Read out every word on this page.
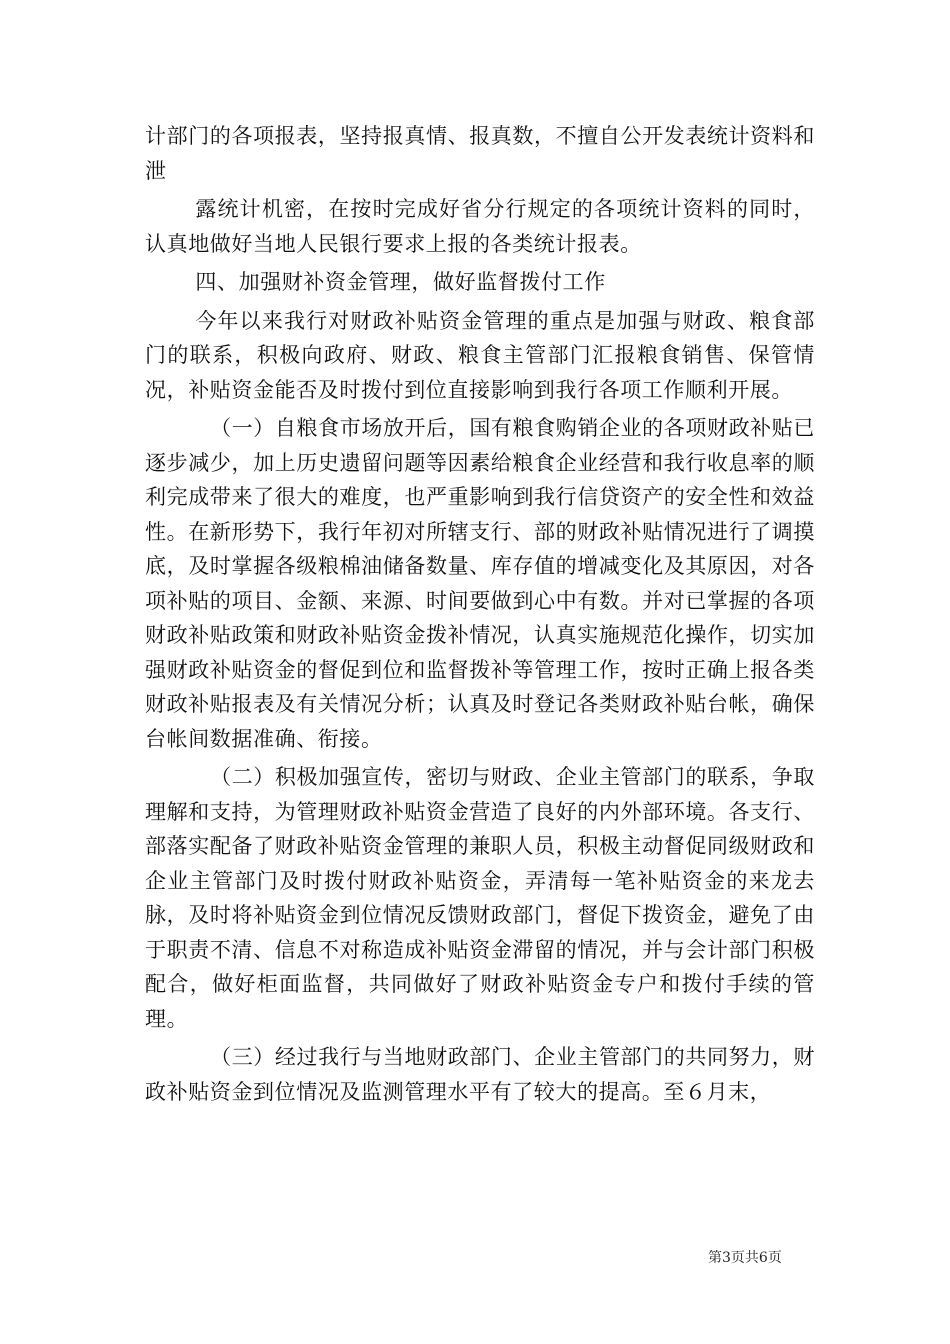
计部门的各项报表，坚持报真情、报真数，不擅自公开发表统计资料和泄

露统计机密，在按时完成好省分行规定的各项统计资料的同时，认真地做好当地人民银行要求上报的各类统计报表。

四、加强财补资金管理，做好监督拨付工作

今年以来我行对财政补贴资金管理的重点是加强与财政、粮食部门的联系，积极向政府、财政、粮食主管部门汇报粮食销售、保管情况，补贴资金能否及时拨付到位直接影响到我行各项工作顺利开展。

（一）自粮食市场放开后，国有粮食购销企业的各项财政补贴已逐步减少，加上历史遗留问题等因素给粮食企业经营和我行收息率的顺利完成带来了很大的难度，也严重影响到我行信贷资产的安全性和效益性。在新形势下，我行年初对所辖支行、部的财政补贴情况进行了调摸底，及时掌握各级粮棉油储备数量、库存值的增减变化及其原因，对各项补贴的项目、金额、来源、时间要做到心中有数。并对已掌握的各项财政补贴政策和财政补贴资金拨补情况，认真实施规范化操作，切实加强财政补贴资金的督促到位和监督拨补等管理工作，按时正确上报各类财政补贴报表及有关情况分析；认真及时登记各类财政补贴台帐，确保台帐间数据准确、衔接。

（二）积极加强宣传，密切与财政、企业主管部门的联系，争取理解和支持，为管理财政补贴资金营造了良好的内外部环境。各支行、部落实配备了财政补贴资金管理的兼职人员，积极主动督促同级财政和企业主管部门及时拨付财政补贴资金，弄清每一笔补贴资金的来龙去脉，及时将补贴资金到位情况反馈财政部门，督促下拨资金，避免了由于职责不清、信息不对称造成补贴资金滞留的情况，并与会计部门积极配合，做好柜面监督，共同做好了财政补贴资金专户和拨付手续的管理。

（三）经过我行与当地财政部门、企业主管部门的共同努力，财政补贴资金到位情况及监测管理水平有了较大的提高。至６月末，

第3页共6页
